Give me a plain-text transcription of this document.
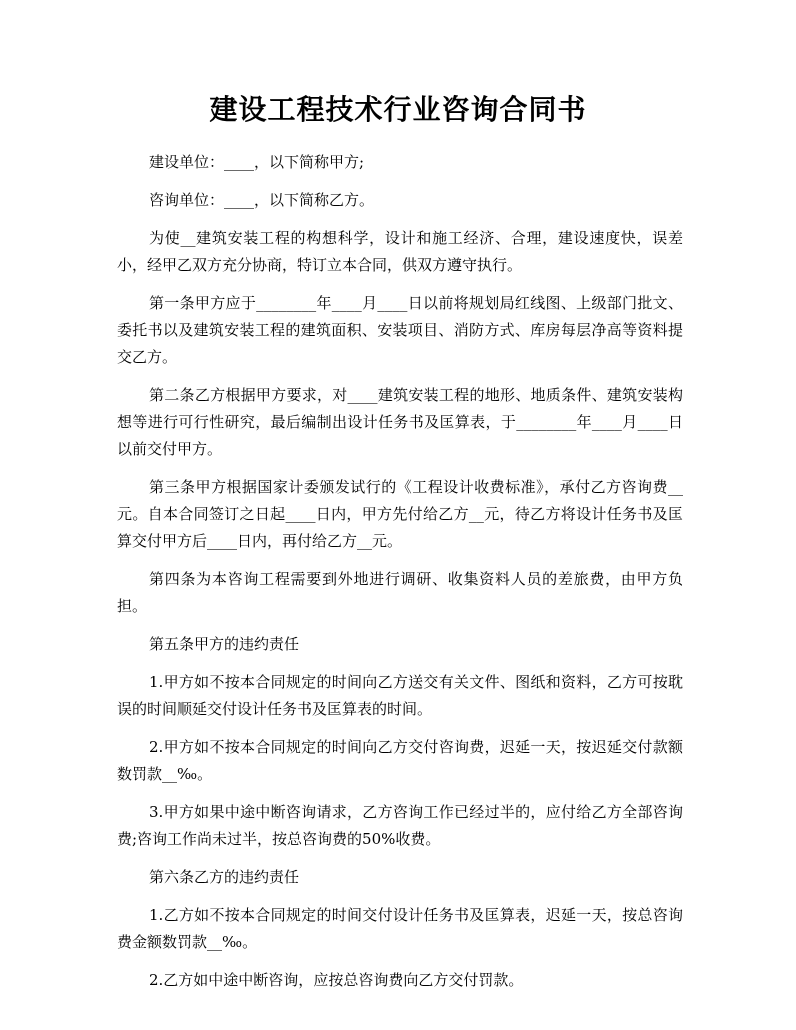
建设工程技术行业咨询合同书

建设单位：____，以下简称甲方;

咨询单位：____，以下简称乙方。

为使__建筑安装工程的构想科学，设计和施工经济、合理，建设速度快，误差小，经甲乙双方充分协商，特订立本合同，供双方遵守执行。

第一条甲方应于________年____月____日以前将规划局红线图、上级部门批文、委托书以及建筑安装工程的建筑面积、安装项目、消防方式、库房每层净高等资料提交乙方。

第二条乙方根据甲方要求，对____建筑安装工程的地形、地质条件、建筑安装构想等进行可行性研究，最后编制出设计任务书及匡算表，于________年____月____日以前交付甲方。

第三条甲方根据国家计委颁发试行的《工程设计收费标准》，承付乙方咨询费__元。自本合同签订之日起____日内，甲方先付给乙方__元，待乙方将设计任务书及匡算交付甲方后____日内，再付给乙方__元。

第四条为本咨询工程需要到外地进行调研、收集资料人员的差旅费，由甲方负担。

第五条甲方的违约责任

1.甲方如不按本合同规定的时间向乙方送交有关文件、图纸和资料，乙方可按耽误的时间顺延交付设计任务书及匡算表的时间。

2.甲方如不按本合同规定的时间向乙方交付咨询费，迟延一天，按迟延交付款额数罚款__‰。

3.甲方如果中途中断咨询请求，乙方咨询工作已经过半的，应付给乙方全部咨询费;咨询工作尚未过半，按总咨询费的50%收费。

第六条乙方的违约责任

1.乙方如不按本合同规定的时间交付设计任务书及匡算表，迟延一天，按总咨询费金额数罚款__‰。

2.乙方如中途中断咨询，应按总咨询费向乙方交付罚款。
